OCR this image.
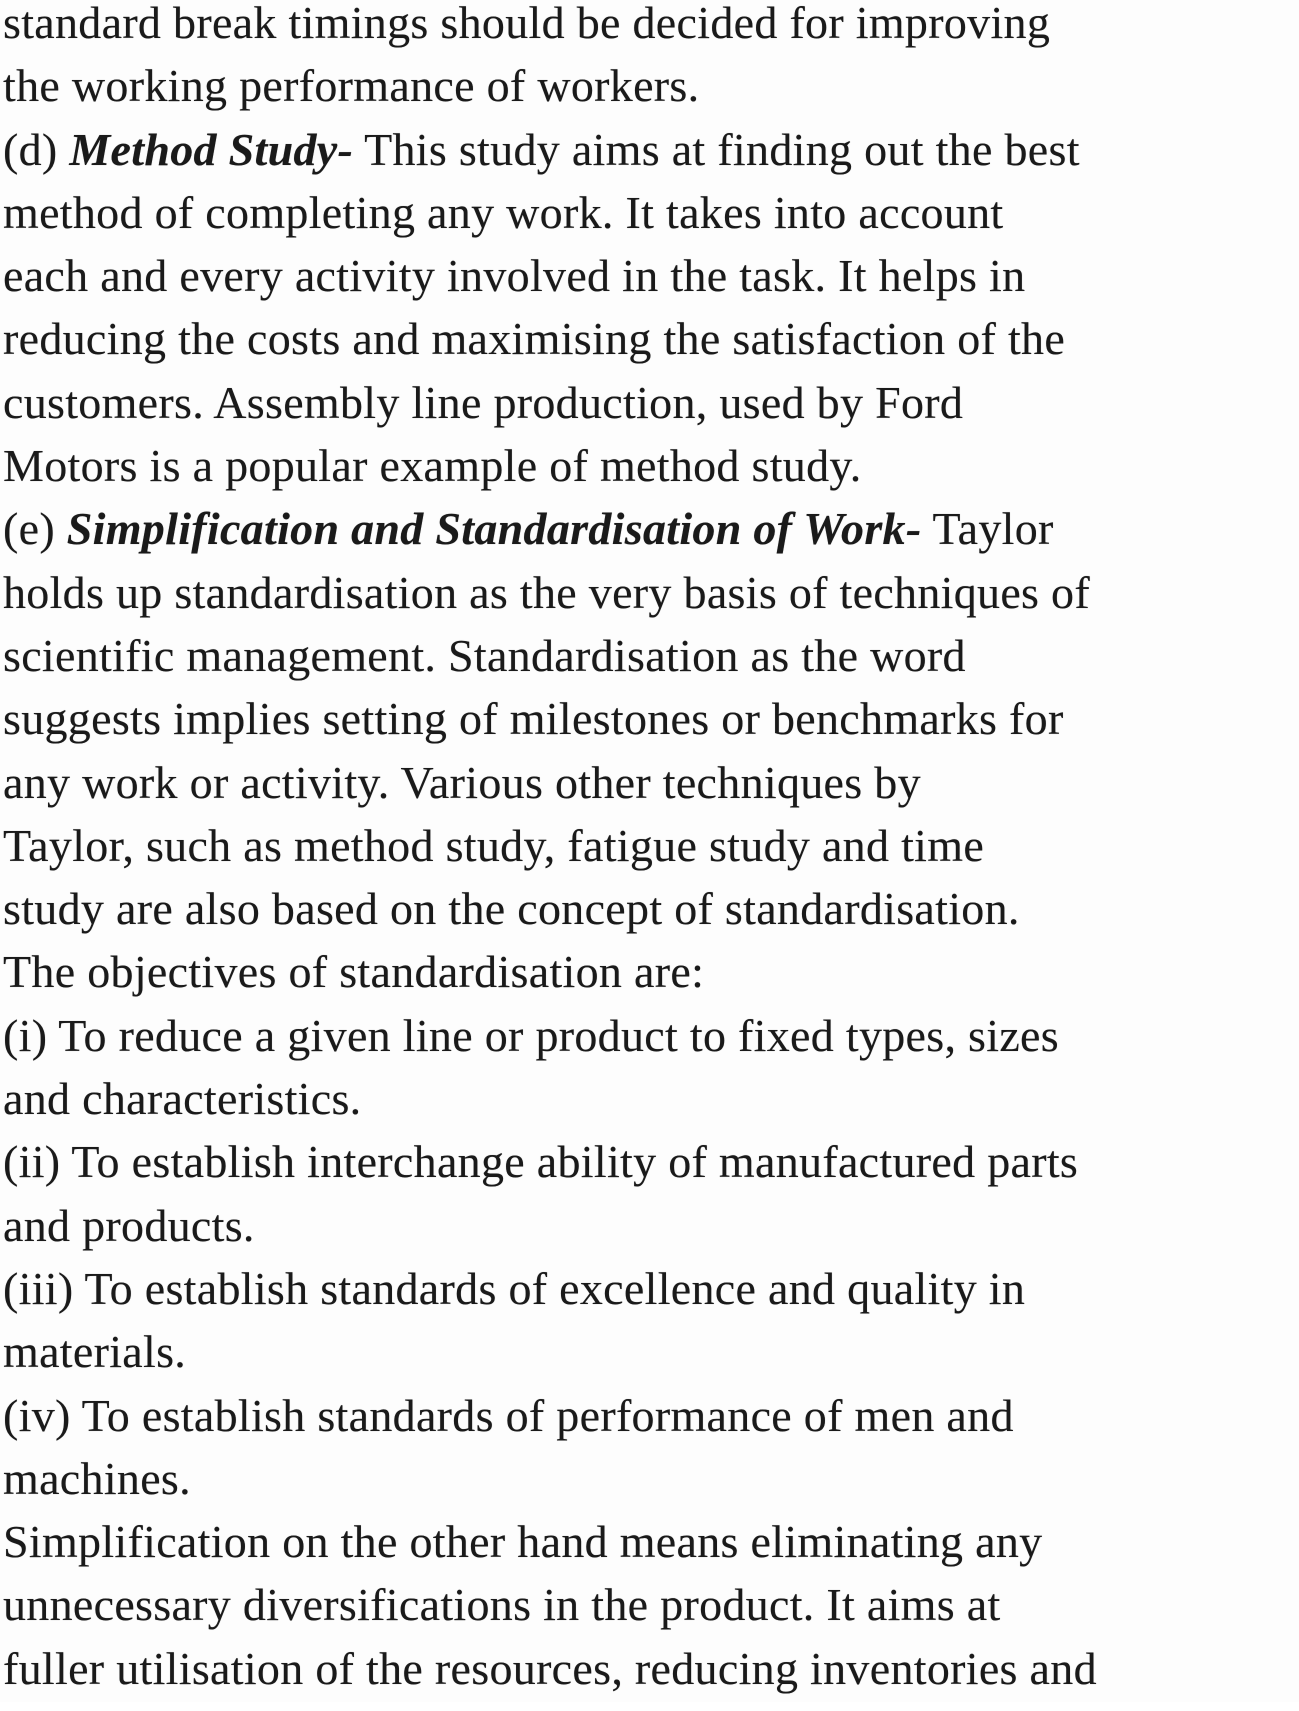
standard break timings should be decided for improving
the working performance of workers.
(d) Method Study- This study aims at finding out the best
method of completing any work. It takes into account
each and every activity involved in the task. It helps in
reducing the costs and maximising the satisfaction of the
customers. Assembly line production, used by Ford
Motors is a popular example of method study.
(e) Simplification and Standardisation of Work- Taylor
holds up standardisation as the very basis of techniques of
scientific management. Standardisation as the word
suggests implies setting of milestones or benchmarks for
any work or activity. Various other techniques by
Taylor, such as method study, fatigue study and time
study are also based on the concept of standardisation.
The objectives of standardisation are:
(i) To reduce a given line or product to fixed types, sizes
and characteristics.
(ii) To establish interchange ability of manufactured parts
and products.
(iii) To establish standards of excellence and quality in
materials.
(iv) To establish standards of performance of men and
machines.
Simplification on the other hand means eliminating any
unnecessary diversifications in the product. It aims at
fuller utilisation of the resources, reducing inventories and
